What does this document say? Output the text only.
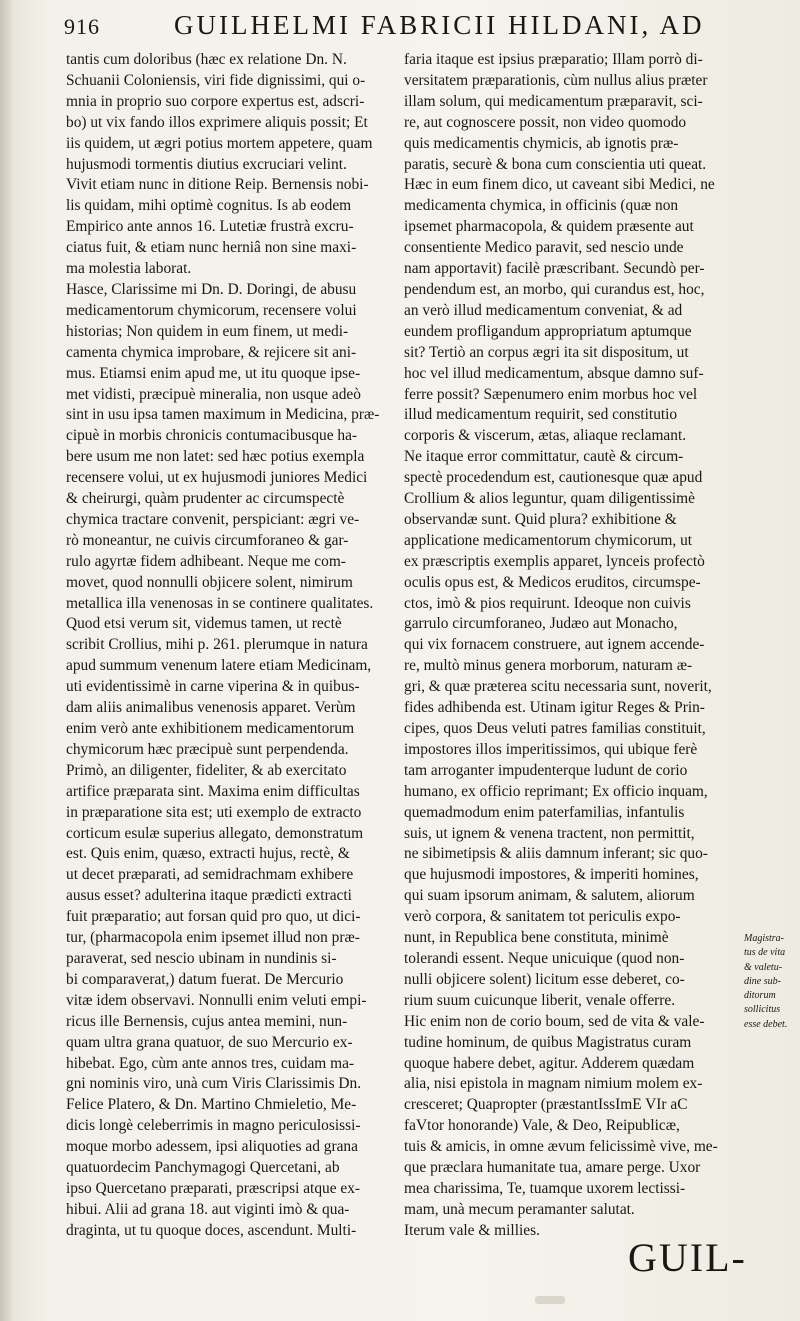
916	GUILHELMI FABRICII HILDANI, AD
tantis cum doloribus (hæc ex relatione Dn. N.
Schuanii Coloniensis, viri fide dignissimi, qui o-
mnia in proprio suo corpore expertus est, adscri-
bo) ut vix fando illos exprimere aliquis possit; Et
iis quidem, ut ægri potius mortem appetere, quam
hujusmodi tormentis diutius excruciari velint.
Vivit etiam nunc in ditione Reip. Bernensis nobi-
lis quidam, mihi optimè cognitus. Is ab eodem
Empirico ante annos 16. Lutetiæ frustrà excru-
ciatus fuit, & etiam nunc herniâ non sine maxi-
ma molestia laborat.
Hasce, Clarissime mi Dn. D. Doringi, de abusu
medicamentorum chymicorum, recensere volui
historias; Non quidem in eum finem, ut medi-
camenta chymica improbare, & rejicere sit ani-
mus. Etiamsi enim apud me, ut itu quoque ipse-
met vidisti, præcipuè mineralia, non usque adeò
sint in usu ipsa tamen maximum in Medicina, præ-
cipuè in morbis chronicis contumacibusque ha-
bere usum me non latet: sed hæc potius exempla
recensere volui, ut ex hujusmodi juniores Medici
& cheirurgi, quàm prudenter ac circumspectè
chymica tractare convenit, perspiciant: ægri ve-
rò moneantur, ne cuivis circumforaneo & gar-
rulo agyrtæ fidem adhibeant. Neque me com-
movet, quod nonnulli objicere solent, nimirum
metallica illa venenosas in se continere qualitates.
Quod etsi verum sit, videmus tamen, ut rectè
scribit Crollius, mihi p. 261. plerumque in natura
apud summum venenum latere etiam Medicinam,
uti evidentissimè in carne viperina & in quibus-
dam aliis animalibus venenosis apparet. Verùm
enim verò ante exhibitionem medicamentorum
chymicorum hæc præcipuè sunt perpendenda.
Primò, an diligenter, fideliter, & ab exercitato
artifice præparata sint. Maxima enim difficultas
in præparatione sita est; uti exemplo de extracto
corticum esulæ superius allegato, demonstratum
est. Quis enim, quæso, extracti hujus, rectè, &
ut decet præparati, ad semidrachmam exhibere
ausus esset? adulterina itaque prædicti extracti
fuit præparatio; aut forsan quid pro quo, ut dici-
tur, (pharmacopola enim ipsemet illud non præ-
paraverat, sed nescio ubinam in nundinis si-
bi comparaverat,) datum fuerat. De Mercurio
vitæ idem observavi. Nonnulli enim veluti empi-
ricus ille Bernensis, cujus antea memini, nun-
quam ultra grana quatuor, de suo Mercurio ex-
hibebat. Ego, cùm ante annos tres, cuidam ma-
gni nominis viro, unà cum Viris Clarissimis Dn.
Felice Platero, & Dn. Martino Chmieletio, Me-
dicis longè celeberrimis in magno periculosissi-
moque morbo adessem, ipsi aliquoties ad grana
quatuordecim Panchymagogi Quercetani, ab
ipso Quercetano præparati, præscripsi atque ex-
hibui. Alii ad grana 18. aut viginti imò & qua-
draginta, ut tu quoque doces, ascendunt. Multi-
faria itaque est ipsius præparatio; Illam porrò di-
versitatem præparationis, cùm nullus alius præter
illam solum, qui medicamentum præparavit, sci-
re, aut cognoscere possit, non video quomodo
quis medicamentis chymicis, ab ignotis præ-
paratis, securè & bona cum conscientia uti queat.
Hæc in eum finem dico, ut caveant sibi Medici, ne
medicamenta chymica, in officinis (quæ non
ipsemet pharmacopola, & quidem præsente aut
consentiente Medico paravit, sed nescio unde
nam apportavit) facilè præscribant. Secundò per-
pendendum est, an morbo, qui curandus est, hoc,
an verò illud medicamentum conveniat, & ad
eundem profligandum appropriatum aptumque
sit? Tertiò an corpus ægri ita sit dispositum, ut
hoc vel illud medicamentum, absque damno suf-
ferre possit? Sæpenumero enim morbus hoc vel
illud medicamentum requirit, sed constitutio
corporis & viscerum, ætas, aliaque reclamant.
Ne itaque error committatur, cautè & circum-
spectè procedendum est, cautionesque quæ apud
Crollium & alios leguntur, quam diligentissimè
observandæ sunt. Quid plura? exhibitione &
applicatione medicamentorum chymicorum, ut
ex præscriptis exemplis apparet, lynceis profectò
oculis opus est, & Medicos eruditos, circumspe-
ctos, imò & pios requirunt. Ideoque non cuivis
garrulo circumforaneo, Judæo aut Monacho,
qui vix fornacem construere, aut ignem accende-
re, multò minus genera morborum, naturam æ-
gri, & quæ præterea scitu necessaria sunt, noverit,
fides adhibenda est. Utinam igitur Reges & Prin-
cipes, quos Deus veluti patres familias constituit,
impostores illos imperitissimos, qui ubique ferè
tam arroganter impudenterque ludunt de corio
humano, ex officio reprimant; Ex officio inquam,
quemadmodum enim paterfamilias, infantulis
suis, ut ignem & venena tractent, non permittit,
ne sibimetipsis & aliis damnum inferant; sic quo-
que hujusmodi impostores, & imperiti homines,
qui suam ipsorum animam, & salutem, aliorum
verò corpora, & sanitatem tot periculis expo-
nunt, in Republica bene constituta, minimè
tolerandi essent. Neque unicuique (quod non-
nulli objicere solent) licitum esse deberet, co-
rium suum cuicunque liberit, venale offerre.
Hic enim non de corio boum, sed de vita & vale-
tudine hominum, de quibus Magistratus curam
quoque habere debet, agitur. Adderem quædam
alia, nisi epistola in magnam nimium molem ex-
cresceret; Quapropter (præstantIssImE VIr aC
faVtor honorande) Vale, & Deo, Reipublicæ,
tuis & amicis, in omne ævum felicissimè vive, me-
que præclara humanitate tua, amare perge. Uxor
mea charissima, Te, tuamque uxorem lectissi-
mam, unà mecum peramanter salutat.
Iterum vale & millies.
Magistra-
tus de vita
& valetu-
dine sub-
ditorum
sollicitus
esse debet.
GUIL-
